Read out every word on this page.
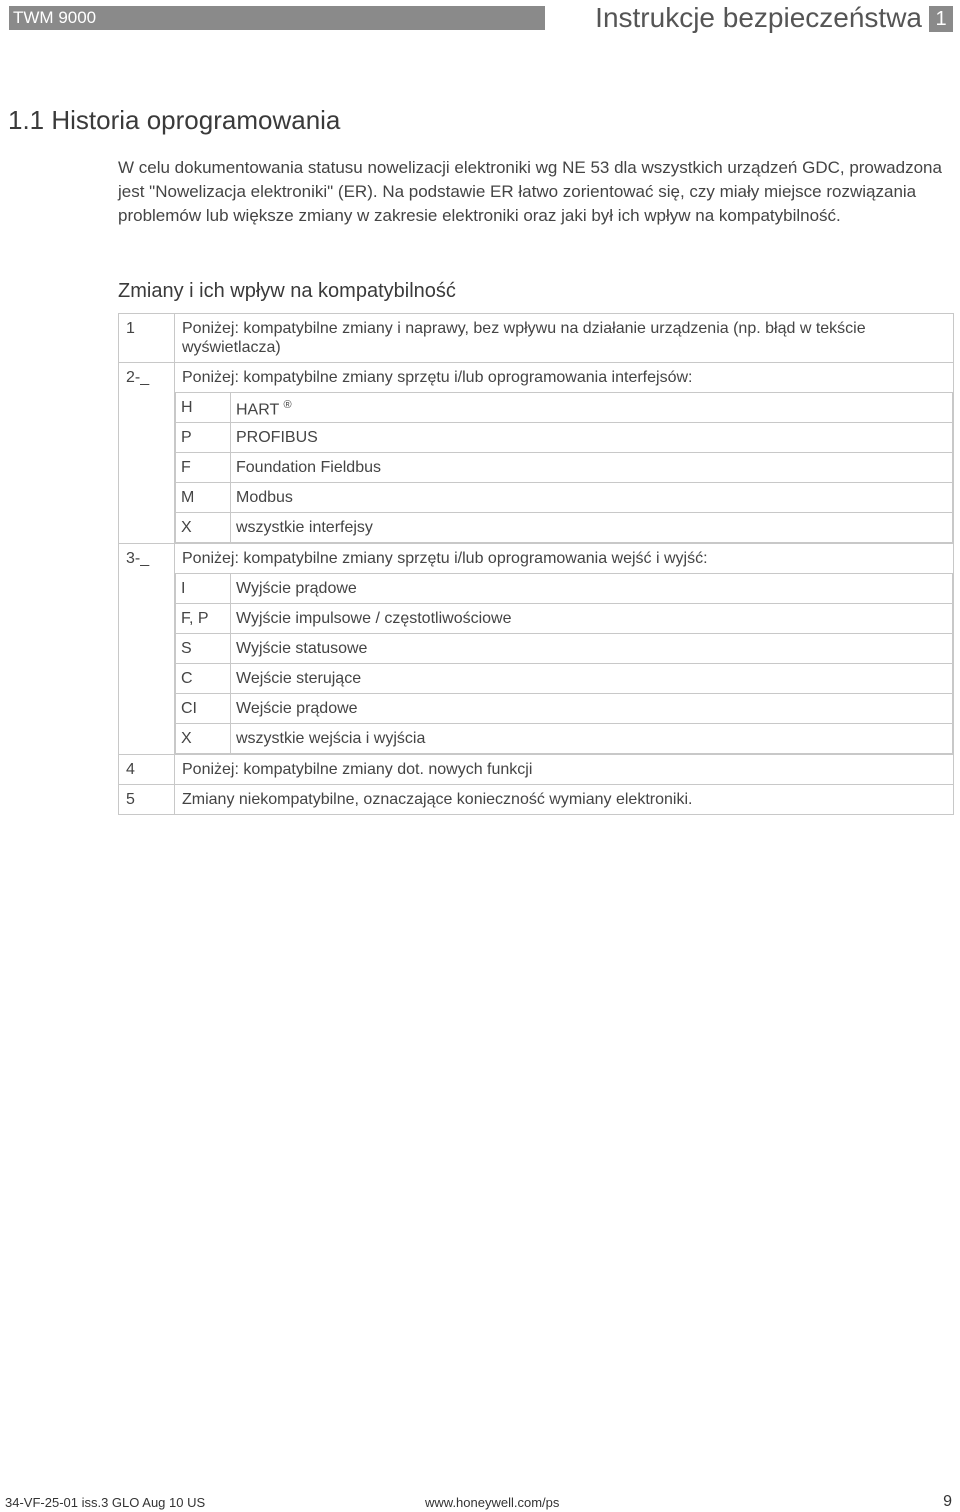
TWM 9000	Instrukcje bezpieczeństwa 1
1.1 Historia oprogramowania
W celu dokumentowania statusu nowelizacji elektroniki wg NE 53 dla wszystkich urządzeń GDC, prowadzona jest "Nowelizacja elektroniki" (ER). Na podstawie ER łatwo zorientować się, czy miały miejsce rozwiązania problemów lub większe zmiany w zakresie elektroniki oraz jaki był ich wpływ na kompatybilność.
Zmiany i ich wpływ na kompatybilność
1	Poniżej: kompatybilne zmiany i naprawy, bez wpływu na działanie urządzenia (np. błąd w tekście wyświetlacza)
2-_	Poniżej: kompatybilne zmiany sprzętu i/lub oprogramowania interfejsów:
H	HART ®
P	PROFIBUS
F	Foundation Fieldbus
M	Modbus
X	wszystkie interfejsy

3-_	Poniżej: kompatybilne zmiany sprzętu i/lub oprogramowania wejść i wyjść:
I	Wyjście prądowe
F, P	Wyjście impulsowe / częstotliwościowe
S	Wyjście statusowe
C	Wejście sterujące
CI	Wejście prądowe
X	wszystkie wejścia i wyjścia

4	Poniżej: kompatybilne zmiany dot. nowych funkcji
5	Zmiany niekompatybilne, oznaczające konieczność wymiany elektroniki.
34-VF-25-01 iss.3 GLO Aug 10 US	www.honeywell.com/ps	9
